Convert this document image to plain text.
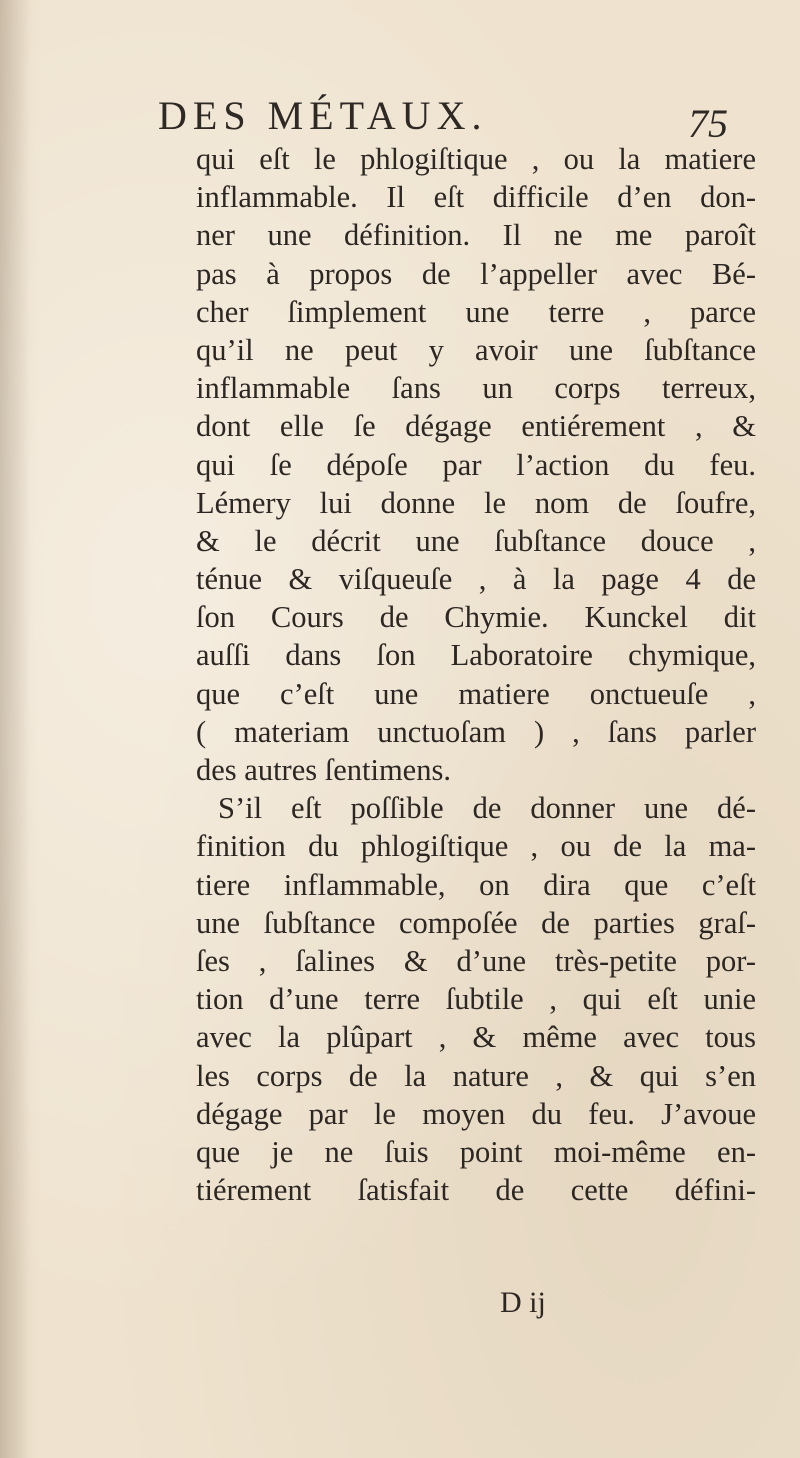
DES MÉTAUX.	75
qui eſt le phlogiſtique , ou la matiere
inflammable. Il eſt difficile d’en don-
ner une définition. Il ne me paroît
pas à propos de l’appeller avec Bé-
cher ſimplement une terre , parce
qu’il ne peut y avoir une ſubſtance
inflammable ſans un corps terreux,
dont elle ſe dégage entiérement , &
qui ſe dépoſe par l’action du feu.
Lémery lui donne le nom de ſoufre,
& le décrit une ſubſtance douce ,
ténue & viſqueuſe , à la page 4 de
ſon Cours de Chymie. Kunckel dit
auſſi dans ſon Laboratoire chymique,
que c’eſt une matiere onctueuſe ,
( materiam unctuoſam ) , ſans parler
des autres ſentimens.
S’il eſt poſſible de donner une dé-
finition du phlogiſtique , ou de la ma-
tiere inflammable, on dira que c’eſt
une ſubſtance compoſée de parties graſ-
ſes , ſalines & d’une très-petite por-
tion d’une terre ſubtile , qui eſt unie
avec la plûpart , & même avec tous
les corps de la nature , & qui s’en
dégage par le moyen du feu. J’avoue
que je ne ſuis point moi-même en-
tiérement ſatisfait de cette défini-
D ij
